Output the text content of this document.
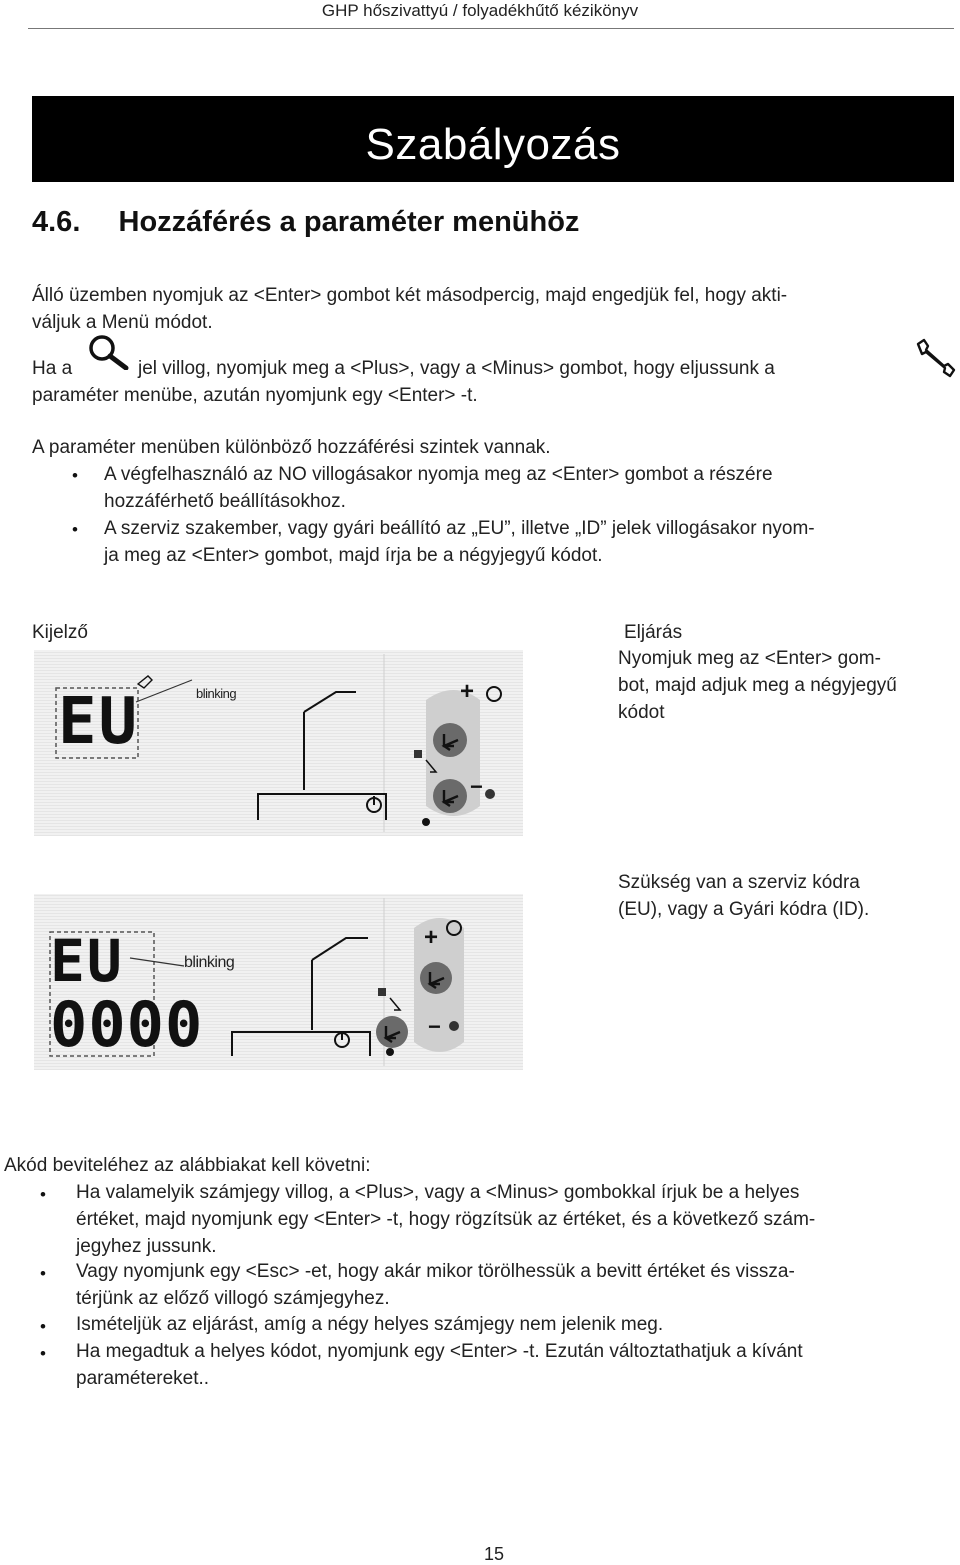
GHP hőszivattyú / folyadékhűtő kézikönyv
Szabályozás
4.6. Hozzáférés a paraméter menühöz
Álló üzemben nyomjuk az <Enter> gombot két másodpercig, majd engedjük fel, hogy akti-
váljuk a Menü módot.
Ha a	jel villog, nyomjuk meg a <Plus>, vagy a <Minus> gombot, hogy eljussunk a
paraméter menübe, azután nyomjunk egy <Enter> -t.
A paraméter menüben különböző hozzáférési szintek vannak.
• A végfelhasználó az NO villogásakor nyomja meg az <Enter> gombot a részére
hozzáférhető beállításokhoz.
• A szerviz szakember, vagy gyári beállító az „EU”, illetve „ID” jelek villogásakor nyom-
ja meg az <Enter> gombot, majd írja be a négyjegyű kódot.
Kijelző	Eljárás
Nyomjuk meg az <Enter> gom-
bot, majd adjuk meg a négyjegyű
kódot
EU	blinking	+
−
Szükség van a szerviz kódra
(EU), vagy a Gyári kódra (ID).
EU
0000
blinking
+
−
Akód beviteléhez az alábbiakat kell követni:
• Ha valamelyik számjegy villog, a <Plus>, vagy a <Minus> gombokkal írjuk be a helyes
értéket, majd nyomjunk egy <Enter> -t, hogy rögzítsük az értéket, és a következő szám-
jegyhez jussunk.
• Vagy nyomjunk egy <Esc> -et, hogy akár mikor törölhessük a bevitt értéket és vissza-
térjünk az előző villogó számjegyhez.
• Ismételjük az eljárást, amíg a négy helyes számjegy nem jelenik meg.
• Ha megadtuk a helyes kódot, nyomjunk egy <Enter> -t. Ezután változtathatjuk a kívánt
paramétereket..
15
